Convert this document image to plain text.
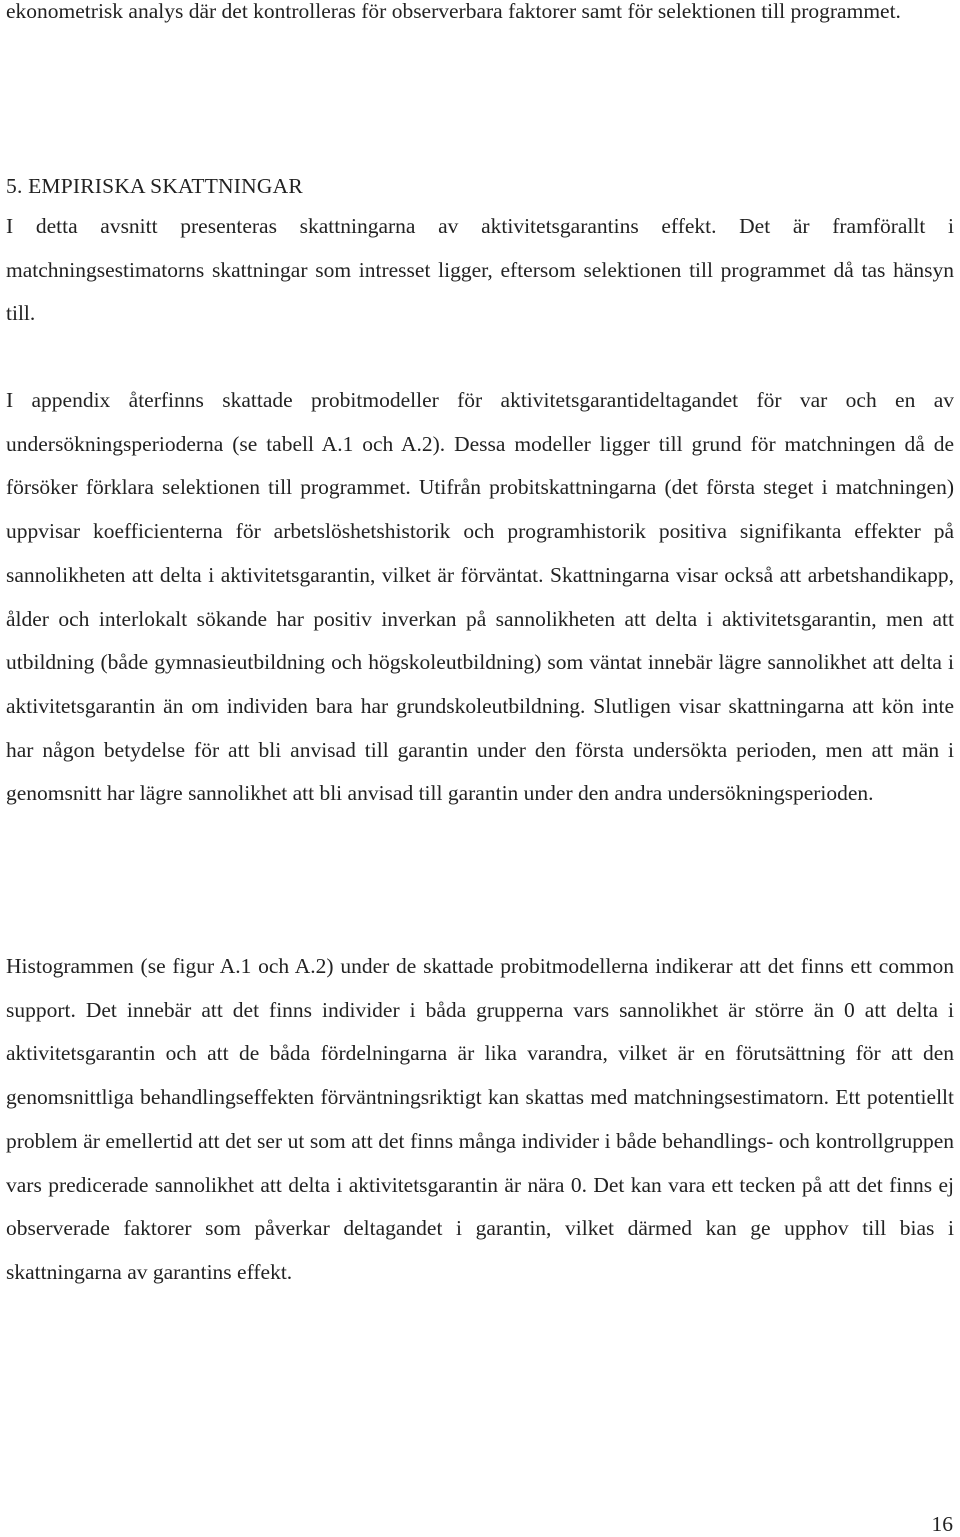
ekonometrisk analys där det kontrolleras för observerbara faktorer samt för selektionen till programmet.

5. EMPIRISKA SKATTNINGAR

I detta avsnitt presenteras skattningarna av aktivitetsgarantins effekt. Det är framförallt i matchningsestimatorns skattningar som intresset ligger, eftersom selektionen till programmet då tas hänsyn till.

I appendix återfinns skattade probitmodeller för aktivitetsgarantideltagandet för var och en av undersökningsperioderna (se tabell A.1 och A.2). Dessa modeller ligger till grund för matchningen då de försöker förklara selektionen till programmet. Utifrån probitskattningarna (det första steget i matchningen) uppvisar koefficienterna för arbetslöshetshistorik och programhistorik positiva signifikanta effekter på sannolikheten att delta i aktivitetsgarantin, vilket är förväntat. Skattningarna visar också att arbetshandikapp, ålder och interlokalt sökande har positiv inverkan på sannolikheten att delta i aktivitetsgarantin, men att utbildning (både gymnasieutbildning och högskoleutbildning) som väntat innebär lägre sannolikhet att delta i aktivitetsgarantin än om individen bara har grundskoleutbildning. Slutligen visar skattningarna att kön inte har någon betydelse för att bli anvisad till garantin under den första undersökta perioden, men att män i genomsnitt har lägre sannolikhet att bli anvisad till garantin under den andra undersökningsperioden.

Histogrammen (se figur A.1 och A.2) under de skattade probitmodellerna indikerar att det finns ett common support. Det innebär att det finns individer i båda grupperna vars sannolikhet är större än 0 att delta i aktivitetsgarantin och att de båda fördelningarna är lika varandra, vilket är en förutsättning för att den genomsnittliga behandlingseffekten förväntningsriktigt kan skattas med matchningsestimatorn. Ett potentiellt problem är emellertid att det ser ut som att det finns många individer i både behandlings- och kontrollgruppen vars predicerade sannolikhet att delta i aktivitetsgarantin är nära 0. Det kan vara ett tecken på att det finns ej observerade faktorer som påverkar deltagandet i garantin, vilket därmed kan ge upphov till bias i skattningarna av garantins effekt.

16
